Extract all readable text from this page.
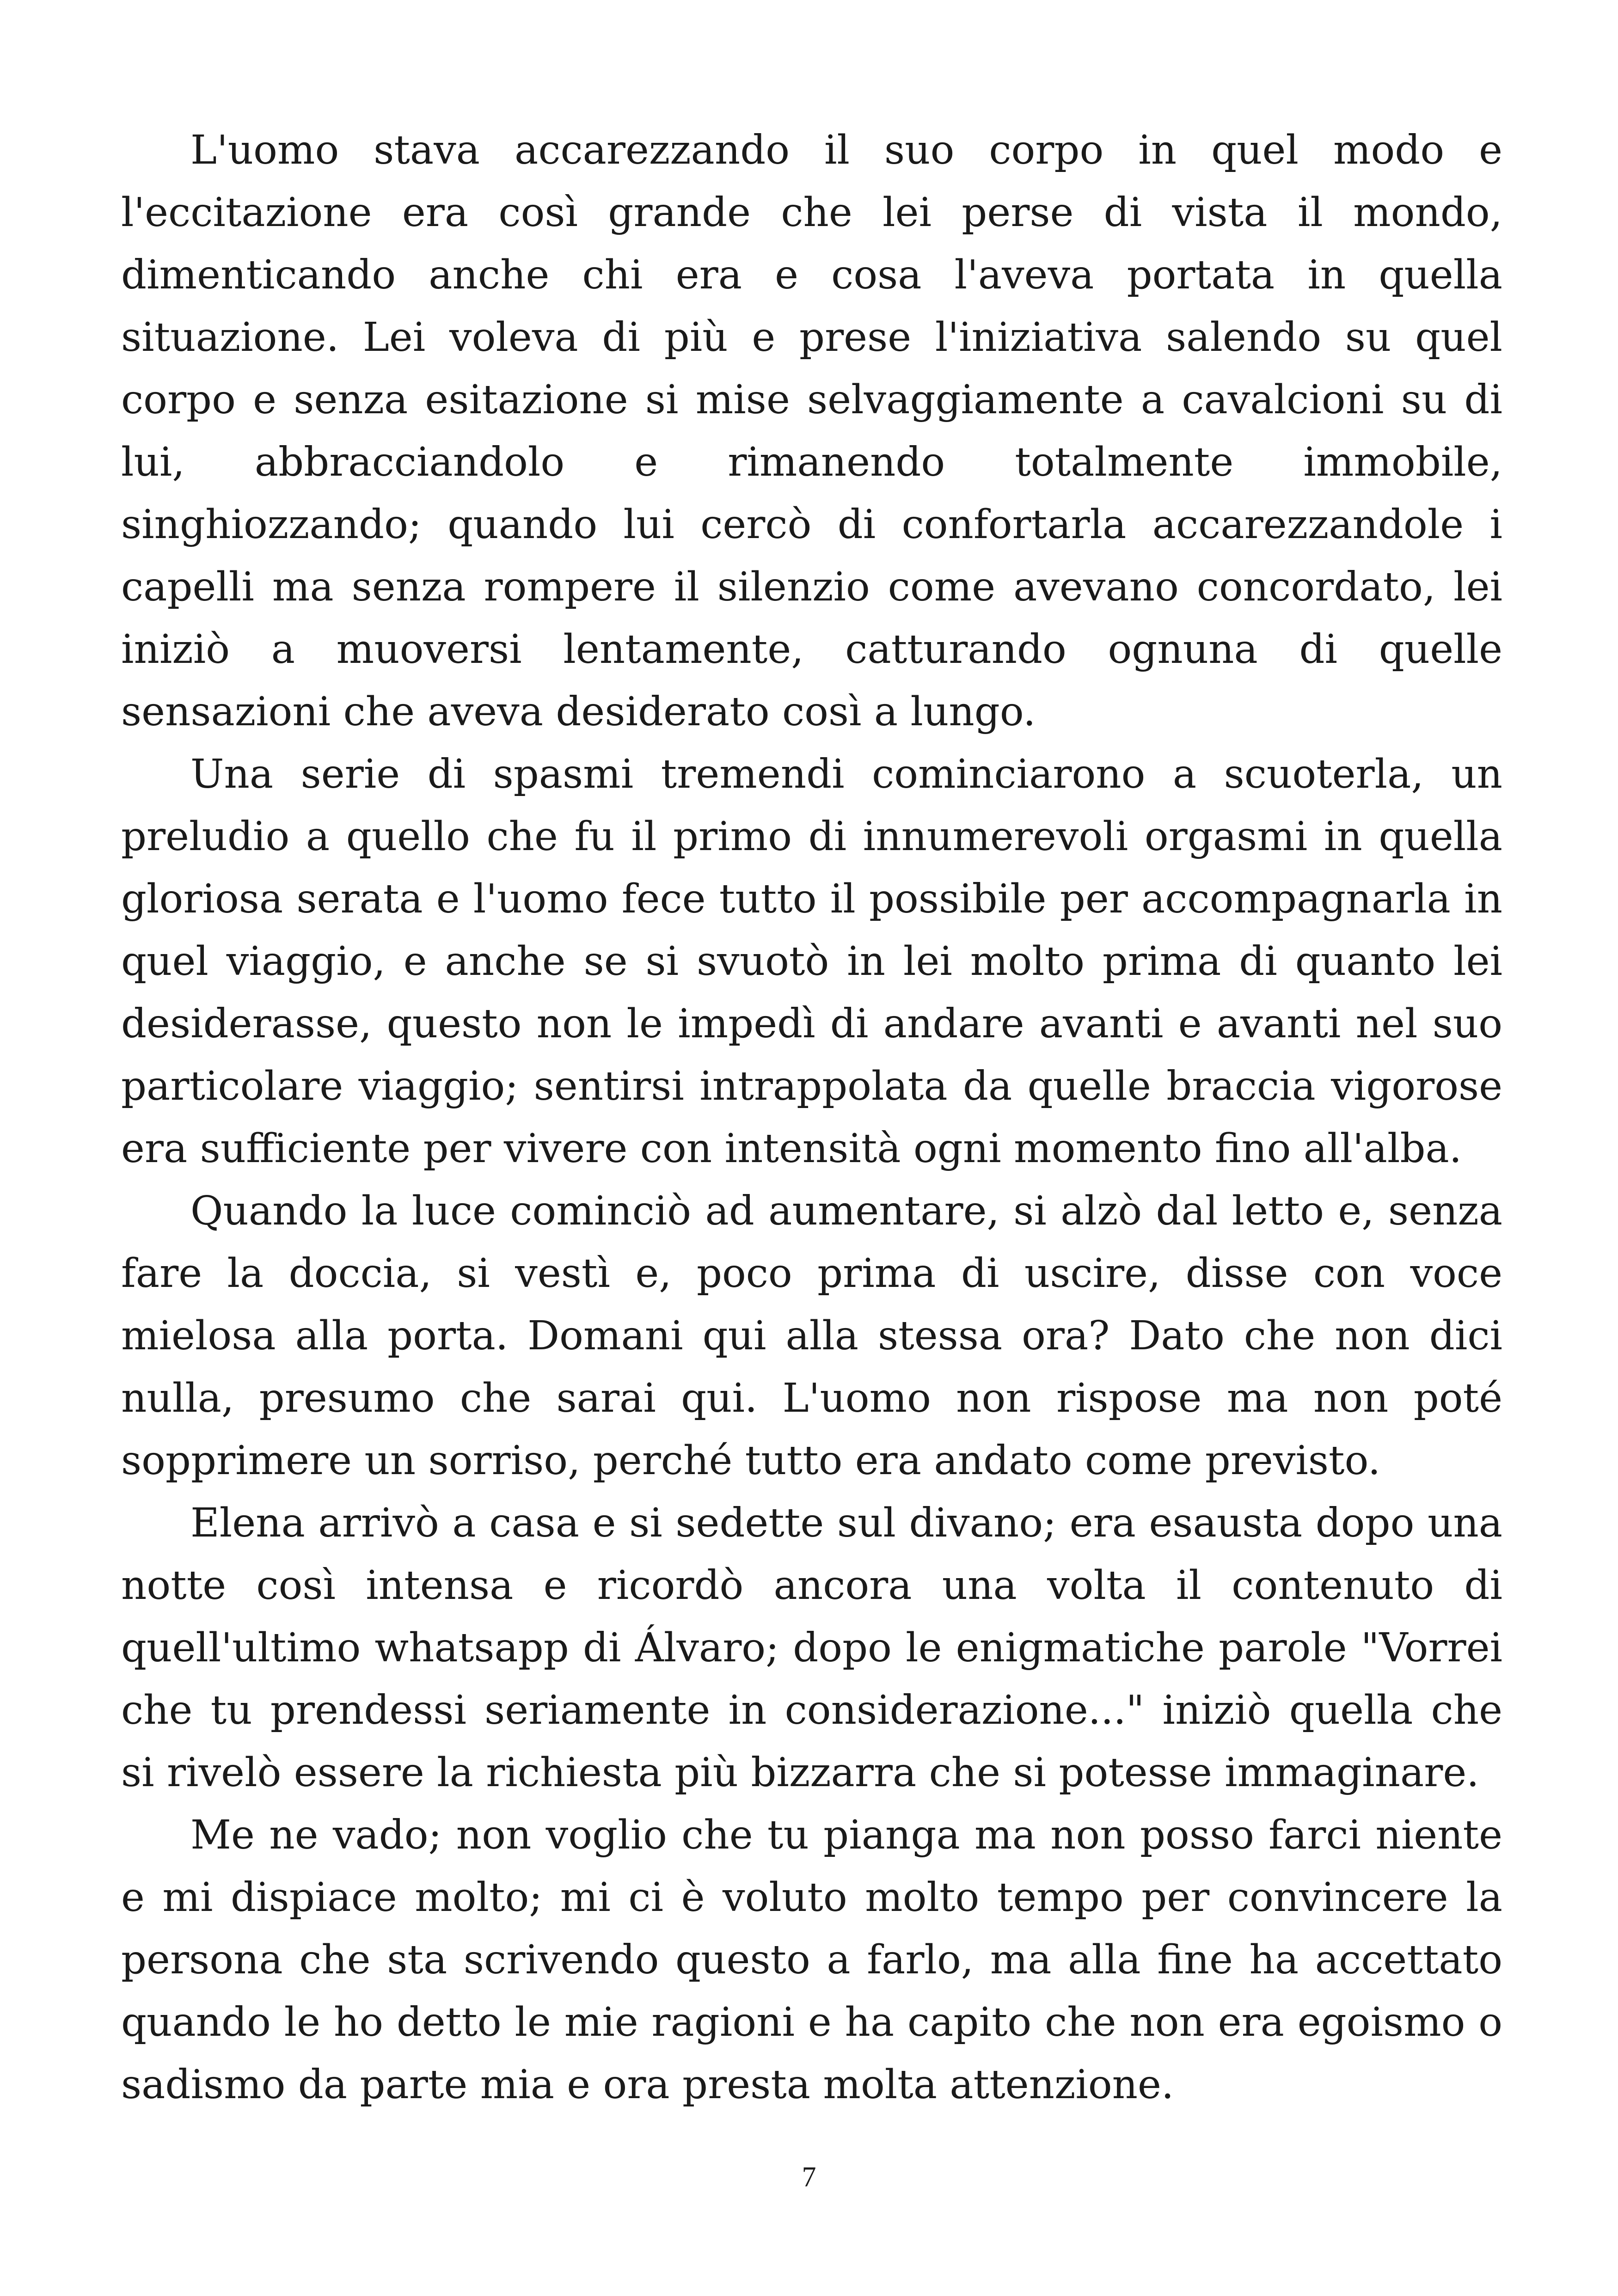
L'uomo stava accarezzando il suo corpo in quel modo e l'eccitazione era così grande che lei perse di vista il mondo, dimenticando anche chi era e cosa l'aveva portata in quella situazione. Lei voleva di più e prese l'iniziativa salendo su quel corpo e senza esitazione si mise selvaggiamente a cavalcioni su di lui, abbracciandolo e rimanendo totalmente immobile, singhiozzando; quando lui cercò di confortarla accarezzandole i capelli ma senza rompere il silenzio come avevano concordato, lei iniziò a muoversi lentamente, catturando ognuna di quelle sensazioni che aveva desiderato così a lungo.

Una serie di spasmi tremendi cominciarono a scuoterla, un preludio a quello che fu il primo di innumerevoli orgasmi in quella gloriosa serata e l'uomo fece tutto il possibile per accompagnarla in quel viaggio, e anche se si svuotò in lei molto prima di quanto lei desiderasse, questo non le impedì di andare avanti e avanti nel suo particolare viaggio; sentirsi intrappolata da quelle braccia vigorose era sufficiente per vivere con intensità ogni momento fino all'alba.

Quando la luce cominciò ad aumentare, si alzò dal letto e, senza fare la doccia, si vestì e, poco prima di uscire, disse con voce mielosa alla porta. Domani qui alla stessa ora? Dato che non dici nulla, presumo che sarai qui. L'uomo non rispose ma non poté sopprimere un sorriso, perché tutto era andato come previsto.

Elena arrivò a casa e si sedette sul divano; era esausta dopo una notte così intensa e ricordò ancora una volta il contenuto di quell'ultimo whatsapp di Álvaro; dopo le enigmatiche parole "Vorrei che tu prendessi seriamente in considerazione..." iniziò quella che si rivelò essere la richiesta più bizzarra che si potesse immaginare.

Me ne vado; non voglio che tu pianga ma non posso farci niente e mi dispiace molto; mi ci è voluto molto tempo per convincere la persona che sta scrivendo questo a farlo, ma alla fine ha accettato quando le ho detto le mie ragioni e ha capito che non era egoismo o sadismo da parte mia e ora presta molta attenzione.

7
